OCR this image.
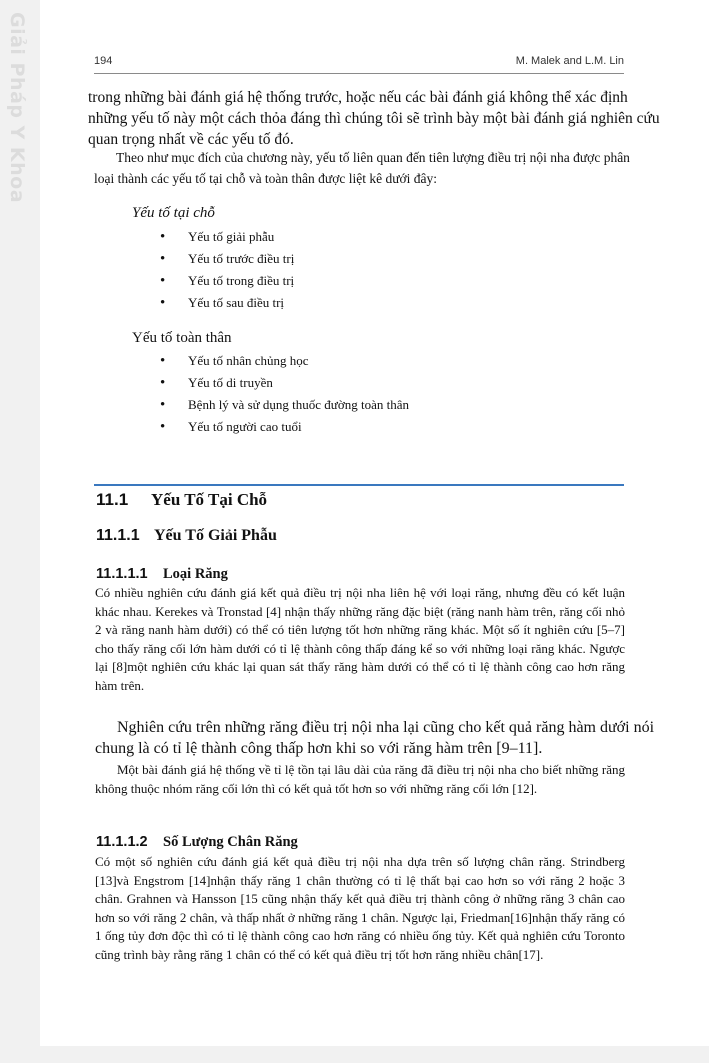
Giải Pháp Y Khoa	194	M. Malek and L.M. Lin

trong những bài đánh giá hệ thống trước, hoặc nếu các bài đánh giá không thể xác định những yếu tố này một cách thỏa đáng thì chúng tôi sẽ trình bày một bài đánh giá nghiên cứu quan trọng nhất về các yếu tố đó.

Theo như mục đích của chương này, yếu tố liên quan đến tiên lượng điều trị nội nha được phân loại thành các yếu tố tại chỗ và toàn thân được liệt kê dưới đây:

Yếu tố tại chỗ
• Yếu tố giải phẫu
• Yếu tố trước điều trị
• Yếu tố trong điều trị
• Yếu tố sau điều trị
Yếu tố toàn thân
• Yếu tố nhân chủng học
• Yếu tố di truyền
• Bệnh lý và sử dụng thuốc đường toàn thân
• Yếu tố người cao tuổi
11.1 Yếu Tố Tại Chỗ
11.1.1 Yếu Tố Giải Phẫu
11.1.1.1 Loại Răng

Có nhiều nghiên cứu đánh giá kết quả điều trị nội nha liên hệ với loại răng, nhưng đều có kết luận khác nhau. Kerekes và Tronstad [4] nhận thấy những răng đặc biệt (răng nanh hàm trên, răng cối nhỏ 2 và răng nanh hàm dưới) có thể có tiên lượng tốt hơn những răng khác. Một số ít nghiên cứu [5–7] cho thấy răng cối lớn hàm dưới có tỉ lệ thành công thấp đáng kể so với những loại răng khác. Ngược lại [8]một nghiên cứu khác lại quan sát thấy răng hàm dưới có thể có tỉ lệ thành công cao hơn răng hàm trên.

Nghiên cứu trên những răng điều trị nội nha lại cũng cho kết quả răng hàm dưới nói chung là có tỉ lệ thành công thấp hơn khi so với răng hàm trên [9–11].

Một bài đánh giá hệ thống về tỉ lệ tồn tại lâu dài của răng đã điều trị nội nha cho biết những răng không thuộc nhóm răng cối lớn thì có kết quả tốt hơn so với những răng cối lớn [12].

11.1.1.2 Số Lượng Chân Răng

Có một số nghiên cứu đánh giá kết quả điều trị nội nha dựa trên số lượng chân răng. Strindberg [13]và Engstrom [14]nhận thấy răng 1 chân thường có tỉ lệ thất bại cao hơn so với răng 2 hoặc 3 chân. Grahnen và Hansson [15 cũng nhận thấy kết quả điều trị thành công ở những răng 3 chân cao hơn so với răng 2 chân, và thấp nhất ở những răng 1 chân. Ngược lại, Friedman[16]nhận thấy răng có 1 ống tủy đơn độc thì có tỉ lệ thành công cao hơn răng có nhiều ống tủy. Kết quả nghiên cứu Toronto cũng trình bày rằng răng 1 chân có thể có kết quả điều trị tốt hơn răng nhiều chân[17].
